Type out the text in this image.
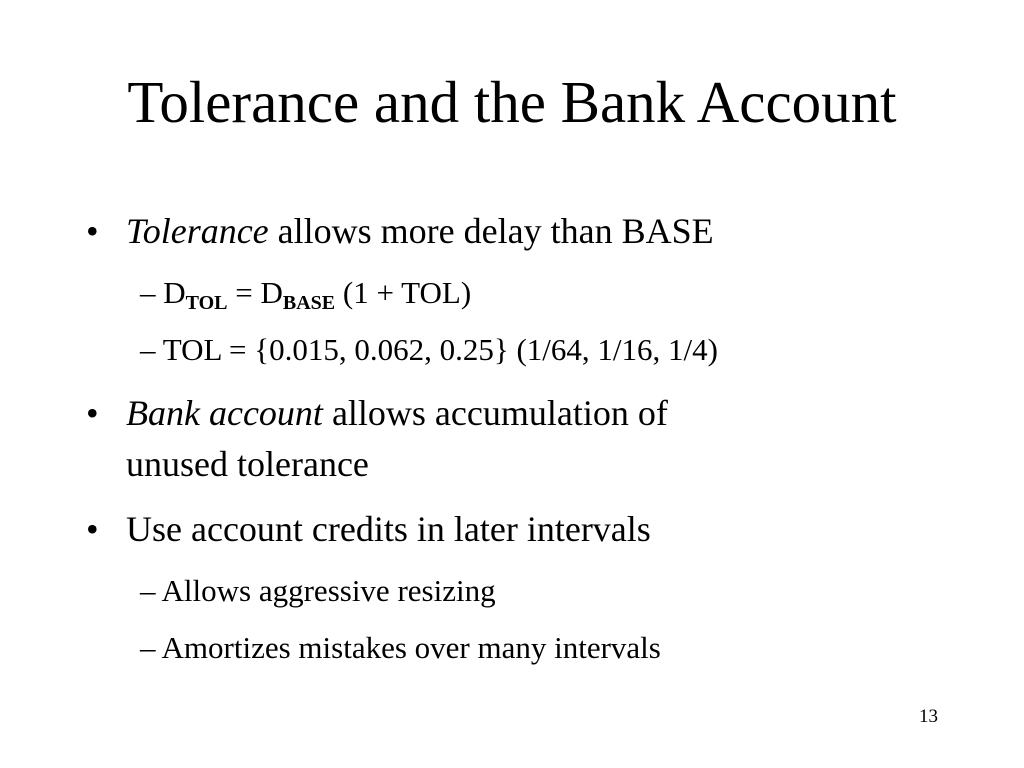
Tolerance and the Bank Account
• Tolerance allows more delay than BASE
– $D_{TOL} = D_{BASE}$ (1 + TOL)
– TOL = {0.015, 0.062, 0.25} (1/64, 1/16, 1/4)
• Bank account allows accumulation of
unused tolerance
• Use account credits in later intervals
– Allows aggressive resizing
– Amortizes mistakes over many intervals
13
